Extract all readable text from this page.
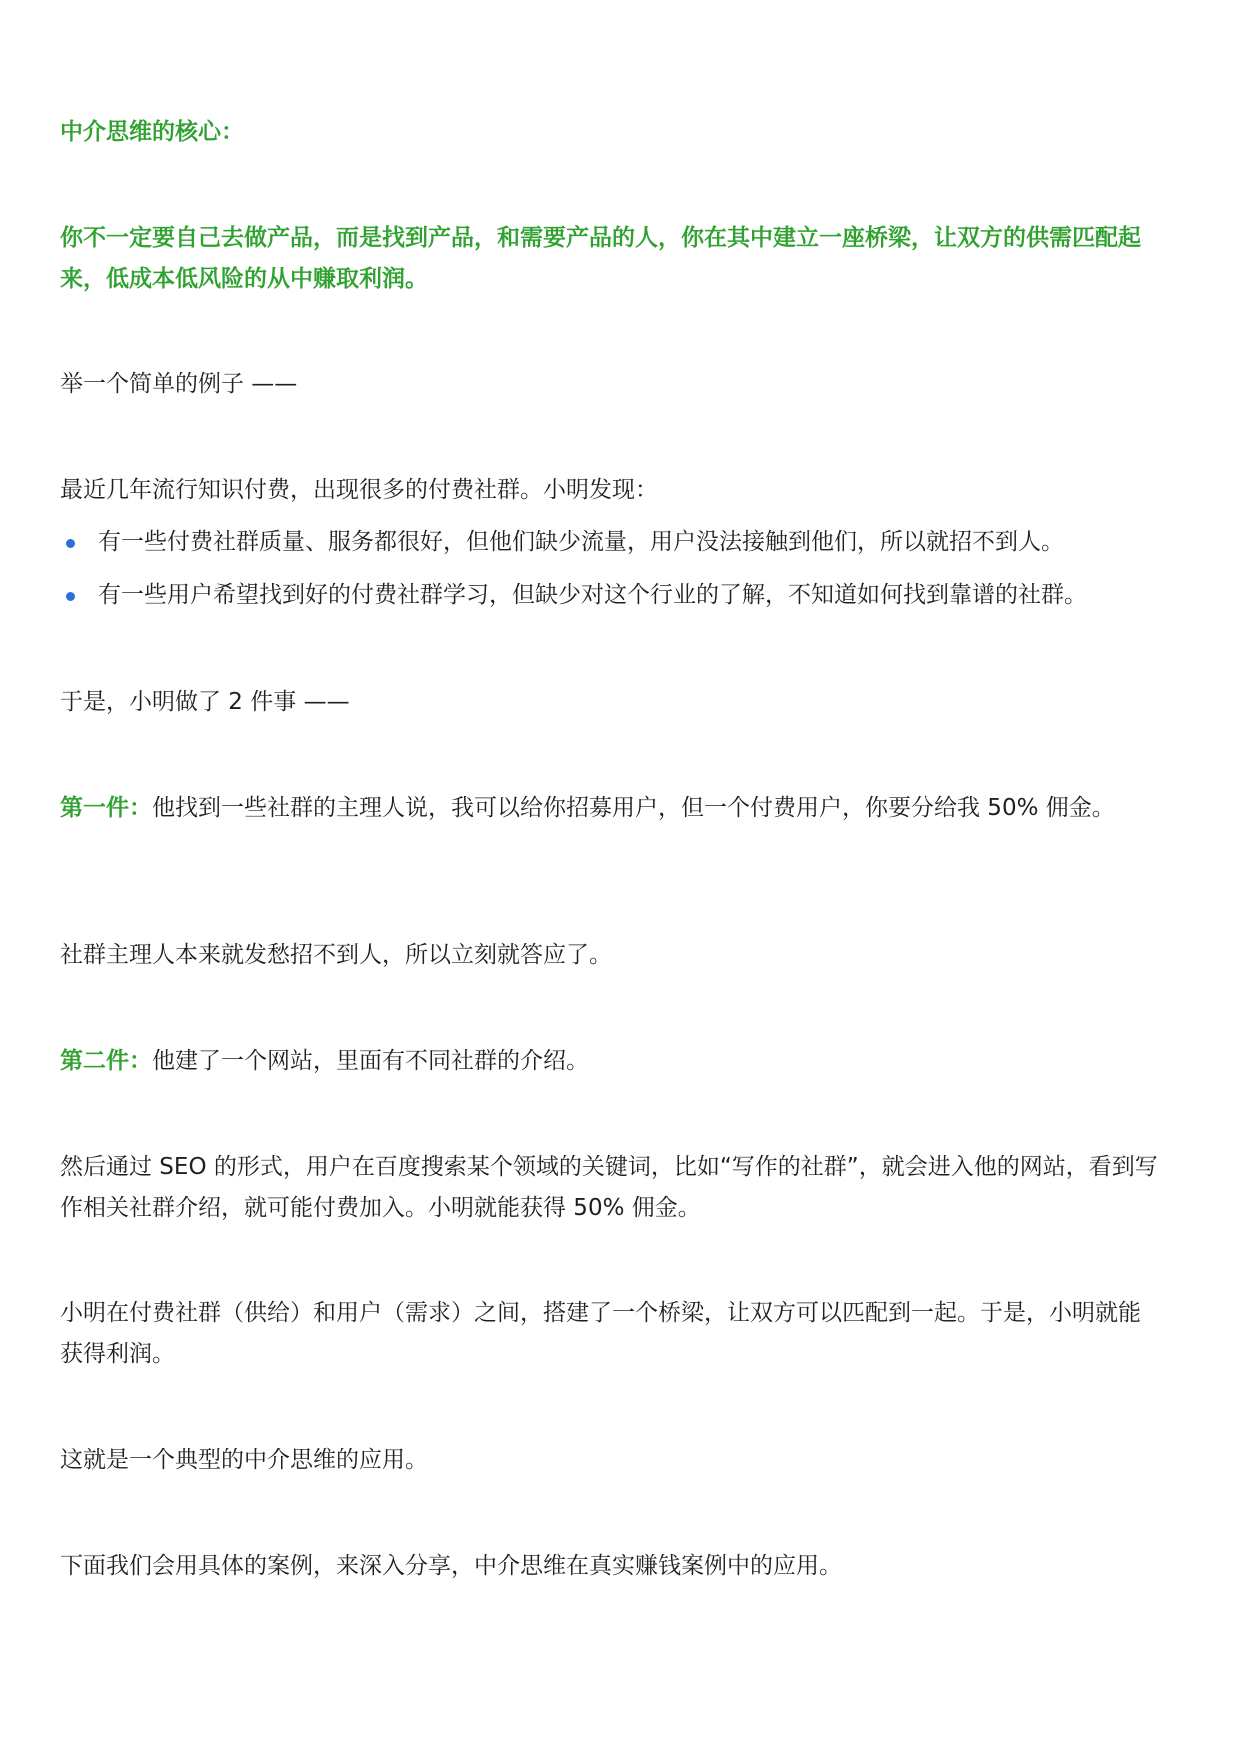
中介思维的核心：

你不一定要自己去做产品，而是找到产品，和需要产品的人，你在其中建立一座桥梁，让双方的供需匹配起来，低成本低风险的从中赚取利润。

举一个简单的例子 ——

最近几年流行知识付费，出现很多的付费社群。小明发现：

有一些付费社群质量、服务都很好，但他们缺少流量，用户没法接触到他们，所以就招不到人。
有一些用户希望找到好的付费社群学习，但缺少对这个行业的了解，不知道如何找到靠谱的社群。

于是，小明做了 2 件事 ——

第一件：他找到一些社群的主理人说，我可以给你招募用户，但一个付费用户，你要分给我 50% 佣金。

社群主理人本来就发愁招不到人，所以立刻就答应了。

第二件：他建了一个网站，里面有不同社群的介绍。

然后通过 SEO 的形式，用户在百度搜索某个领域的关键词，比如“写作的社群”，就会进入他的网站，看到写作相关社群介绍，就可能付费加入。小明就能获得 50% 佣金。

小明在付费社群（供给）和用户（需求）之间，搭建了一个桥梁，让双方可以匹配到一起。于是，小明就能获得利润。

这就是一个典型的中介思维的应用。

下面我们会用具体的案例，来深入分享，中介思维在真实赚钱案例中的应用。
